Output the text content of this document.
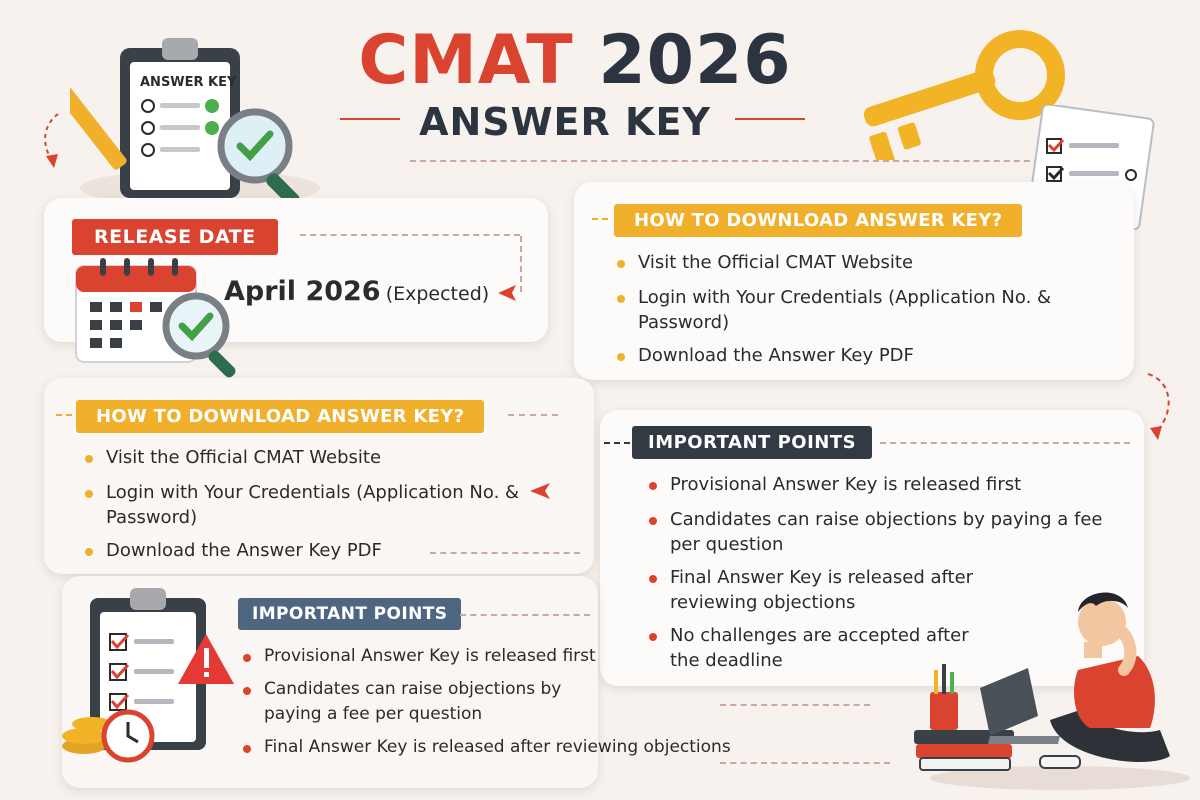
CMAT 2026
ANSWER KEY
ANSWER KEY
RELEASE DATE
April 2026 (Expected)
HOW TO DOWNLOAD ANSWER KEY?
Visit the Official CMAT Website
Login with Your Credentials (Application No. & Password)
Download the Answer Key PDF
HOW TO DOWNLOAD ANSWER KEY?
Visit the Official CMAT Website
Login with Your Credentials (Application No. & Password)
Download the Answer Key PDF
IMPORTANT POINTS
Provisional Answer Key is released first
Candidates can raise objections by paying a fee per question
Final Answer Key is released after reviewing objections
No challenges are accepted after the deadline
IMPORTANT POINTS
Provisional Answer Key is released first
Candidates can raise objections by paying a fee per question
Final Answer Key is released after reviewing objections
